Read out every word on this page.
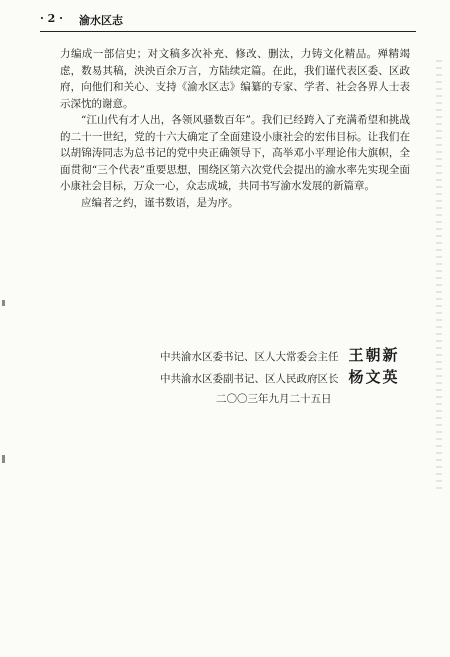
· 2 · 渝水区志

力编成一部信史；对文稿多次补充、修改、删汰，力铸文化精品。殚精竭虑，数易其稿，泱泱百余万言，方陆续定篇。在此，我们谨代表区委、区政府，向他们和关心、支持《渝水区志》编纂的专家、学者、社会各界人士表示深忱的谢意。

“江山代有才人出，各领风骚数百年”。我们已经跨入了充满希望和挑战的二十一世纪，党的十六大确定了全面建设小康社会的宏伟目标。让我们在以胡锦涛同志为总书记的党中央正确领导下，高举邓小平理论伟大旗帜，全面贯彻“三个代表”重要思想，围绕区第六次党代会提出的渝水率先实现全面小康社会目标，万众一心，众志成城，共同书写渝水发展的新篇章。

应编者之约，谨书数语，是为序。

中共渝水区委书记、区人大常委会主任 王朝新
中共渝水区委副书记、区人民政府区长 杨文英
二〇〇三年九月二十五日
